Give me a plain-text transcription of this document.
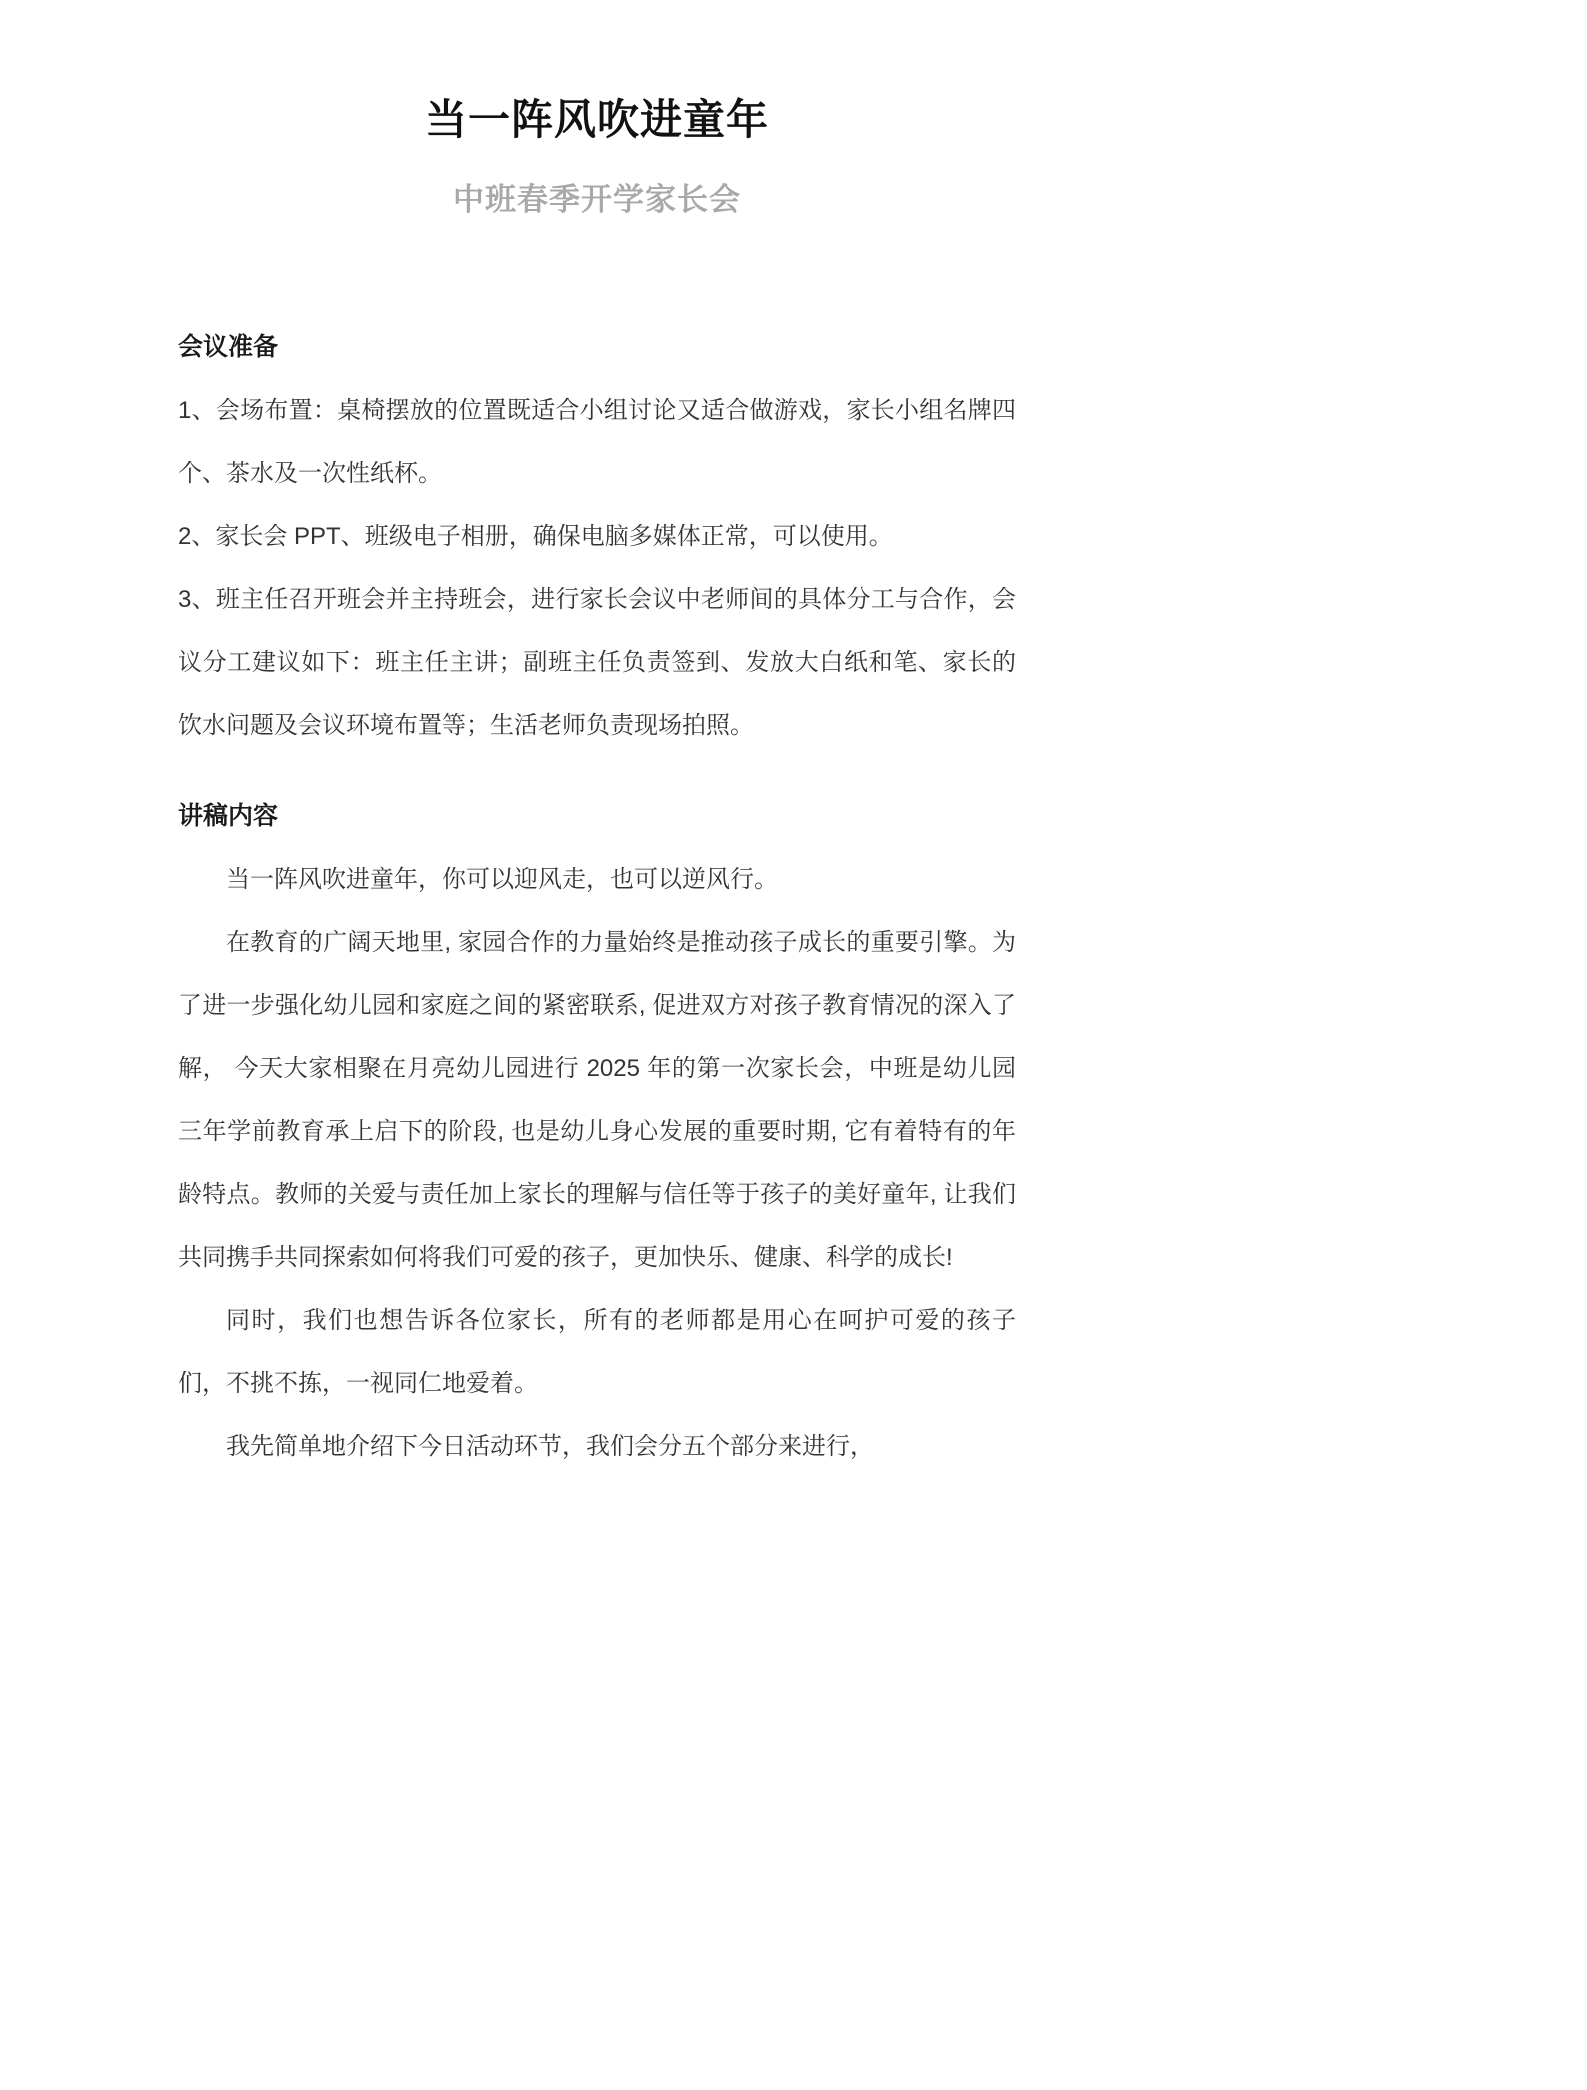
当一阵风吹进童年
中班春季开学家长会
会议准备

1、会场布置：桌椅摆放的位置既适合小组讨论又适合做游戏，家长小组名牌四个、茶水及一次性纸杯。

2、家长会 PPT、班级电子相册，确保电脑多媒体正常，可以使用。

3、班主任召开班会并主持班会，进行家长会议中老师间的具体分工与合作，会议分工建议如下：班主任主讲；副班主任负责签到、发放大白纸和笔、家长的饮水问题及会议环境布置等；生活老师负责现场拍照。

讲稿内容

当一阵风吹进童年，你可以迎风走，也可以逆风行。

在教育的广阔天地里, 家园合作的力量始终是推动孩子成长的重要引擎。为了进一步强化幼儿园和家庭之间的紧密联系, 促进双方对孩子教育情况的深入了解， 今天大家相聚在月亮幼儿园进行 2025 年的第一次家长会，中班是幼儿园三年学前教育承上启下的阶段, 也是幼儿身心发展的重要时期, 它有着特有的年龄特点。教师的关爱与责任加上家长的理解与信任等于孩子的美好童年, 让我们共同携手共同探索如何将我们可爱的孩子，更加快乐、健康、科学的成长!

同时，我们也想告诉各位家长，所有的老师都是用心在呵护可爱的孩子们，不挑不拣，一视同仁地爱着。

我先简单地介绍下今日活动环节，我们会分五个部分来进行，
